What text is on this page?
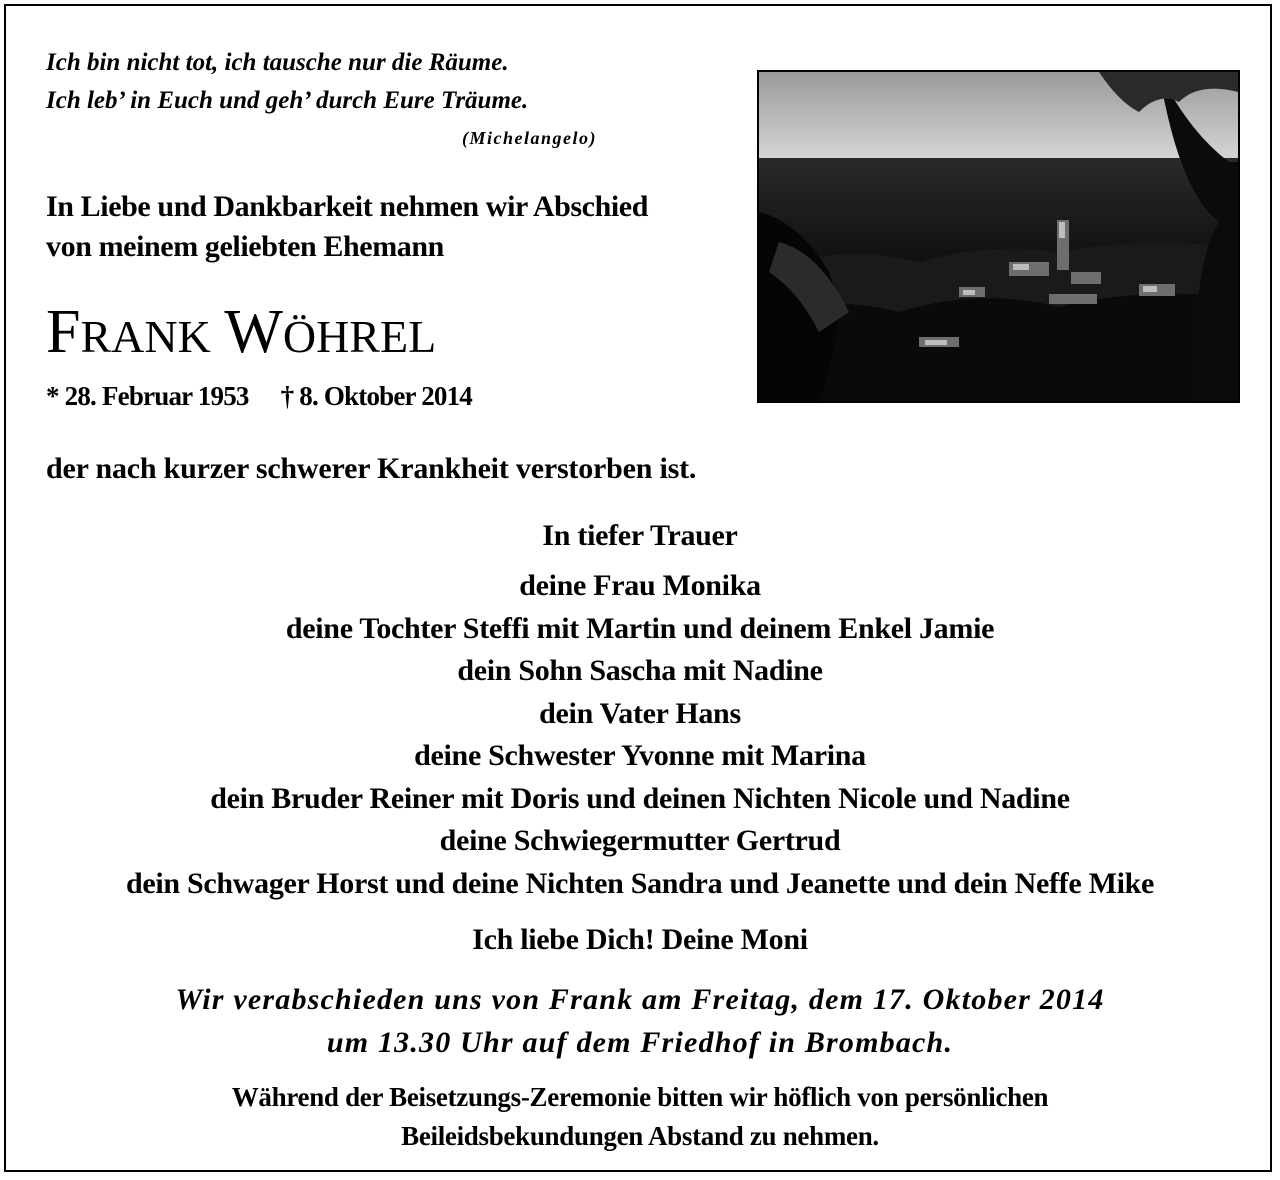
Ich bin nicht tot, ich tausche nur die Räume.
Ich leb’ in Euch und geh’ durch Eure Träume.
(Michelangelo)
In Liebe und Dankbarkeit nehmen wir Abschied
von meinem geliebten Ehemann
FRANK WÖHREL
* 28. Februar 1953 † 8. Oktober 2014
der nach kurzer schwerer Krankheit verstorben ist.
In tiefer Trauer
deine Frau Monika
deine Tochter Steffi mit Martin und deinem Enkel Jamie
dein Sohn Sascha mit Nadine
dein Vater Hans
deine Schwester Yvonne mit Marina
dein Bruder Reiner mit Doris und deinen Nichten Nicole und Nadine
deine Schwiegermutter Gertrud
dein Schwager Horst und deine Nichten Sandra und Jeanette und dein Neffe Mike
Ich liebe Dich! Deine Moni
Wir verabschieden uns von Frank am Freitag, dem 17. Oktober 2014
um 13.30 Uhr auf dem Friedhof in Brombach.
Während der Beisetzungs-Zeremonie bitten wir höflich von persönlichen
Beileidsbekundungen Abstand zu nehmen.
